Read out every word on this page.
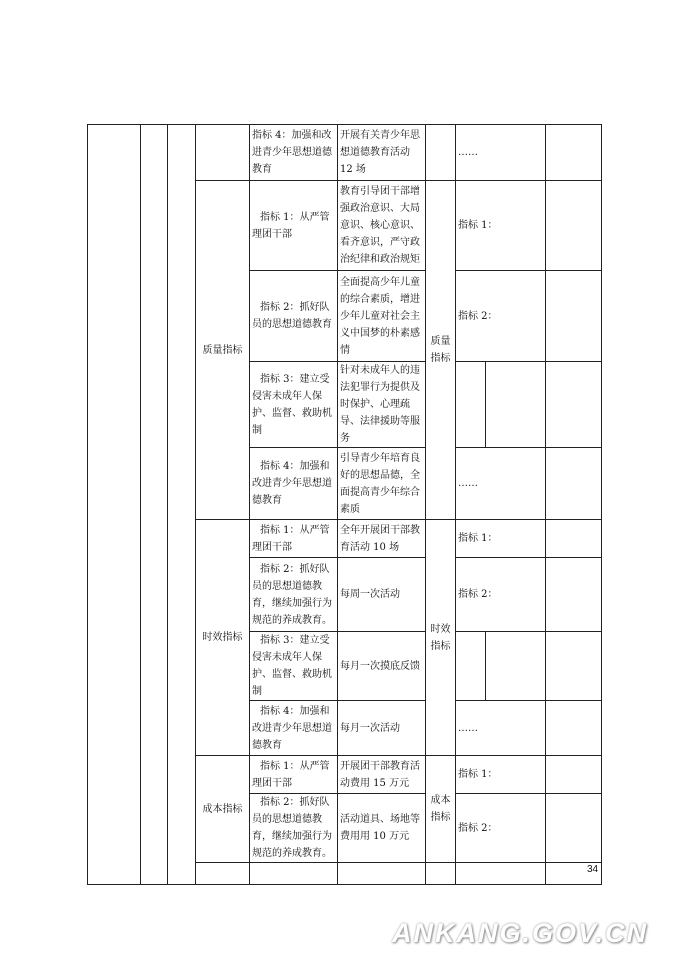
				指标 4：加强和改进青少年思想道德教育	开展有关青少年思想道德教育活动 12 场		……		
			质量指标	指标 1：从严管理团干部	教育引导团干部增强政治意识、大局意识、核心意识、看齐意识，严守政治纪律和政治规矩	质量指标	指标 1：		
				指标 2：抓好队员的思想道德教育	全面提高少年儿童的综合素质，增进少年儿童对社会主义中国梦的朴素感情		指标 2：		
				指标 3：建立受侵害未成年人保护、监督、救助机制	针对未成年人的违法犯罪行为提供及时保护、心理疏导、法律援助等服务				
				指标 4：加强和改进青少年思想道德教育	引导青少年培育良好的思想品德，全面提高青少年综合素质		……		
			时效指标	指标 1：从严管理团干部	全年开展团干部教育活动 10 场	时效指标	指标 1：		
				指标 2：抓好队员的思想道德教育，继续加强行为规范的养成教育。	每周一次活动		指标 2：		
				指标 3：建立受侵害未成年人保护、监督、救助机制	每月一次摸底反馈				
				指标 4：加强和改进青少年思想道德教育	每月一次活动		……		
			成本指标	指标 1：从严管理团干部	开展团干部教育活动费用 15 万元	成本指标	指标 1：		
				指标 2：抓好队员的思想道德教育，继续加强行为规范的养成教育。	活动道具、场地等费用用 10 万元		指标 2：		

34
ANKANG.GOV.CN
